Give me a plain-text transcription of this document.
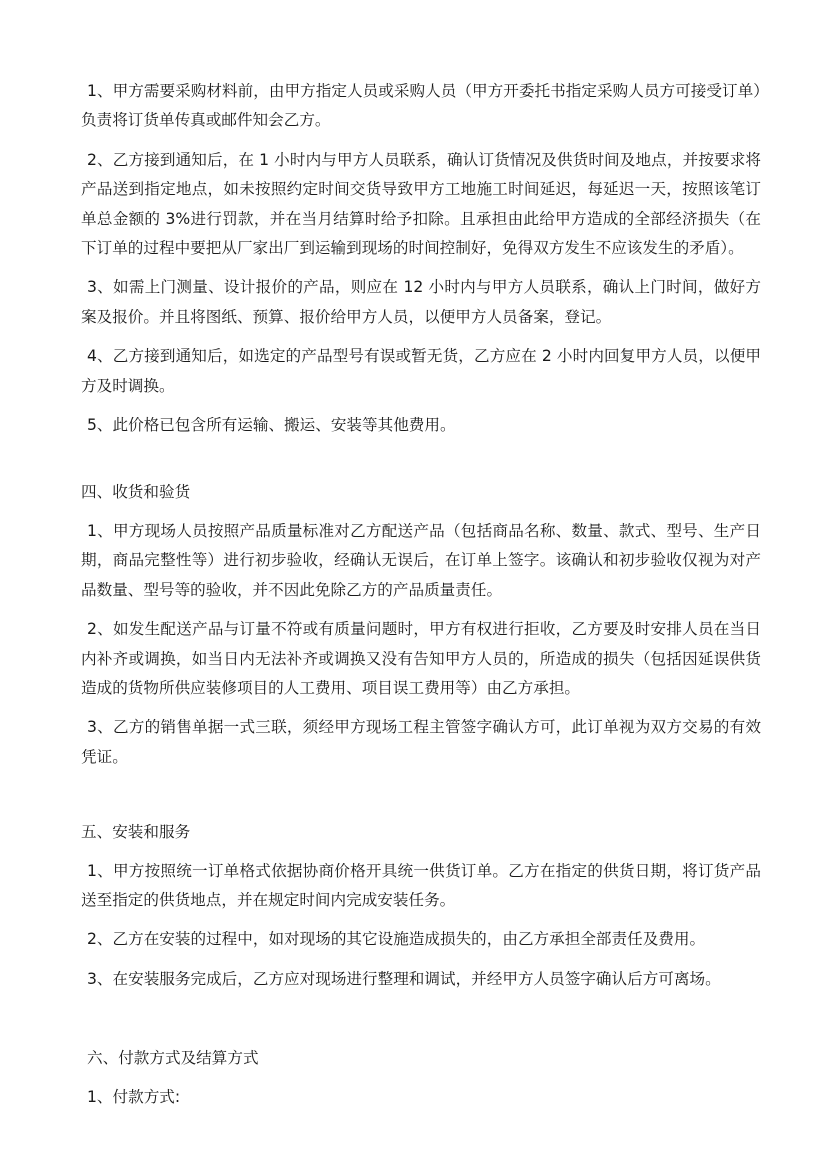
1、甲方需要采购材料前，由甲方指定人员或采购人员（甲方开委托书指定采购人员方可接受订单）负责将订货单传真或邮件知会乙方。

2、乙方接到通知后，在 1 小时内与甲方人员联系，确认订货情况及供货时间及地点，并按要求将产品送到指定地点，如未按照约定时间交货导致甲方工地施工时间延迟，每延迟一天，按照该笔订单总金额的 3%进行罚款，并在当月结算时给予扣除。且承担由此给甲方造成的全部经济损失（在下订单的过程中要把从厂家出厂到运输到现场的时间控制好，免得双方发生不应该发生的矛盾）。

3、如需上门测量、设计报价的产品，则应在 12 小时内与甲方人员联系，确认上门时间，做好方案及报价。并且将图纸、预算、报价给甲方人员，以便甲方人员备案，登记。

4、乙方接到通知后，如选定的产品型号有误或暂无货，乙方应在 2 小时内回复甲方人员，以便甲方及时调换。

5、此价格已包含所有运输、搬运、安装等其他费用。

四、收货和验货

1、甲方现场人员按照产品质量标准对乙方配送产品（包括商品名称、数量、款式、型号、生产日期，商品完整性等）进行初步验收，经确认无误后，在订单上签字。该确认和初步验收仅视为对产品数量、型号等的验收，并不因此免除乙方的产品质量责任。

2、如发生配送产品与订量不符或有质量问题时，甲方有权进行拒收，乙方要及时安排人员在当日内补齐或调换，如当日内无法补齐或调换又没有告知甲方人员的，所造成的损失（包括因延误供货造成的货物所供应装修项目的人工费用、项目误工费用等）由乙方承担。

3、乙方的销售单据一式三联，须经甲方现场工程主管签字确认方可，此订单视为双方交易的有效凭证。

五、安装和服务

1、甲方按照统一订单格式依据协商价格开具统一供货订单。乙方在指定的供货日期，将订货产品送至指定的供货地点，并在规定时间内完成安装任务。

2、乙方在安装的过程中，如对现场的其它设施造成损失的，由乙方承担全部责任及费用。

3、在安装服务完成后，乙方应对现场进行整理和调试，并经甲方人员签字确认后方可离场。

六、付款方式及结算方式

1、付款方式:
